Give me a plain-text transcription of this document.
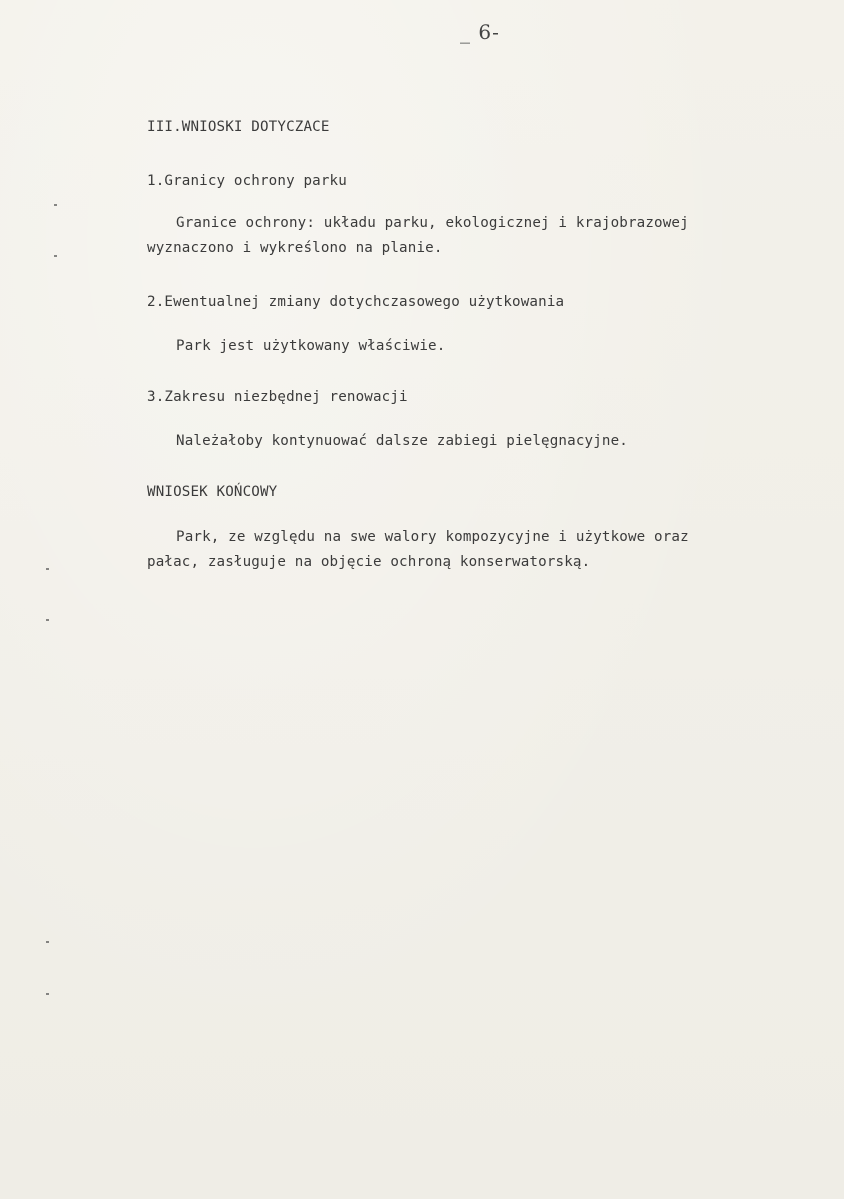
_ 6-
III.WNIOSKI DOTYCZACE
1.Granicy ochrony parku
Granice ochrony: układu parku, ekologicznej i krajobrazowej
wyznaczono i wykreślono na planie.
2.Ewentualnej zmiany dotychczasowego użytkowania
Park jest użytkowany właściwie.
3.Zakresu niezbędnej renowacji
Należałoby kontynuować dalsze zabiegi pielęgnacyjne.
WNIOSEK KOŃCOWY
Park, ze względu na swe walory kompozycyjne i użytkowe oraz
pałac, zasługuje na objęcie ochroną konserwatorską.
